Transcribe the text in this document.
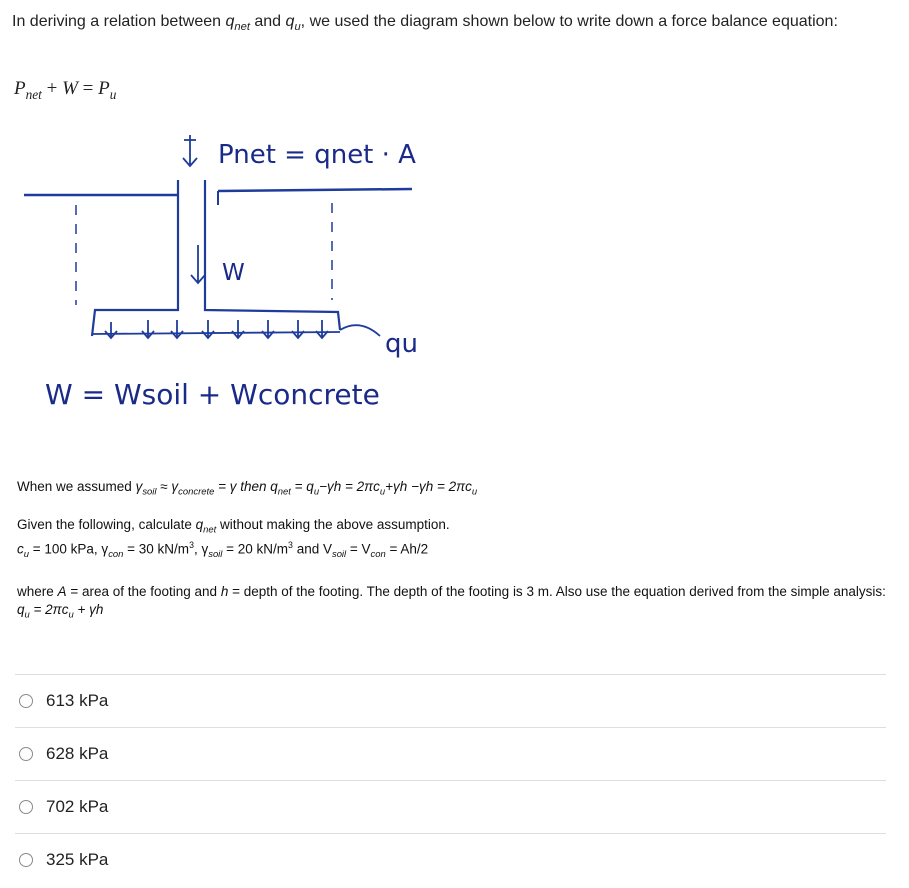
In deriving a relation between $q_{net}$ and $q_u$, we used the diagram shown below to write down a force balance equation:
$P_{net} + W = P_u$
Pnet = qnet · A
W
qu
W = Wsoil + Wconcrete
When we assumed $\gamma_{soil} \approx \gamma_{concrete} = \gamma$ then $q_{net} = q_u-\gamma h = 2\pi c_u+\gamma h -\gamma h = 2\pi c_u$
Given the following, calculate $q_{net}$ without making the above assumption.
$c_u = 100$ kPa, $\gamma_{con} = 30$ $kN/m^3$, $\gamma_{soil} = 20$ $kN/m^3$ and $V_{soil} = V_{con} = Ah/2$
where A = area of the footing and h = depth of the footing. The depth of the footing is 3 m. Also use the equation derived from the simple analysis:
$q_u = 2\pi c_u + \gamma h$
613 kPa
628 kPa
702 kPa
325 kPa
